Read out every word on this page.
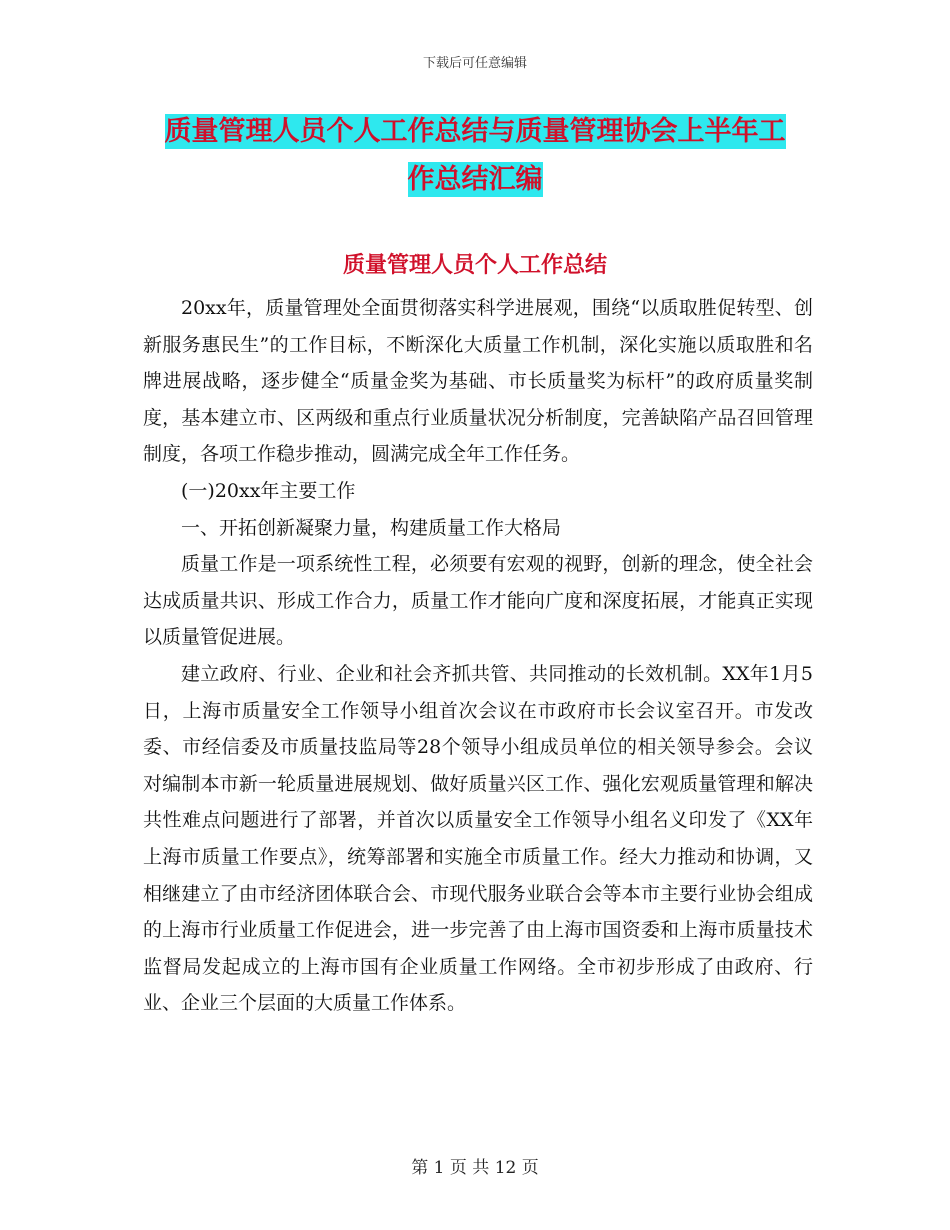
下载后可任意编辑
质量管理人员个人工作总结与质量管理协会上半年工
作总结汇编
质量管理人员个人工作总结

20xx年，质量管理处全面贯彻落实科学进展观，围绕“以质取胜促转型、创新服务惠民生”的工作目标，不断深化大质量工作机制，深化实施以质取胜和名牌进展战略，逐步健全“质量金奖为基础、市长质量奖为标杆”的政府质量奖制度，基本建立市、区两级和重点行业质量状况分析制度，完善缺陷产品召回管理制度，各项工作稳步推动，圆满完成全年工作任务。

(一)20xx年主要工作

一、开拓创新凝聚力量，构建质量工作大格局

质量工作是一项系统性工程，必须要有宏观的视野，创新的理念，使全社会达成质量共识、形成工作合力，质量工作才能向广度和深度拓展，才能真正实现以质量管促进展。

建立政府、行业、企业和社会齐抓共管、共同推动的长效机制。XX年1月5日，上海市质量安全工作领导小组首次会议在市政府市长会议室召开。市发改委、市经信委及市质量技监局等28个领导小组成员单位的相关领导参会。会议对编制本市新一轮质量进展规划、做好质量兴区工作、强化宏观质量管理和解决共性难点问题进行了部署，并首次以质量安全工作领导小组名义印发了《XX年上海市质量工作要点》，统筹部署和实施全市质量工作。经大力推动和协调，又相继建立了由市经济团体联合会、市现代服务业联合会等本市主要行业协会组成的上海市行业质量工作促进会，进一步完善了由上海市国资委和上海市质量技术监督局发起成立的上海市国有企业质量工作网络。全市初步形成了由政府、行业、企业三个层面的大质量工作体系。

第 1 页 共 12 页
